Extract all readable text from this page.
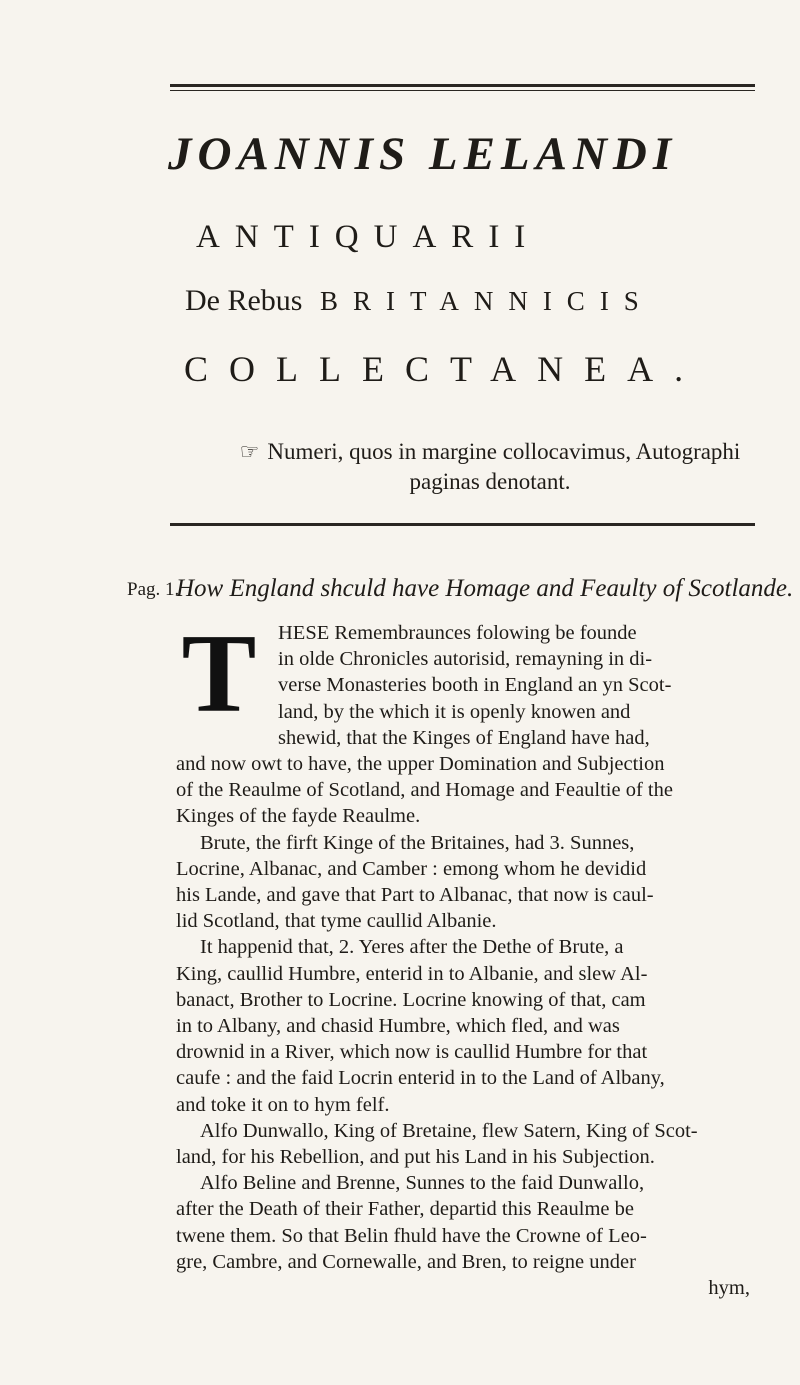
JOANNIS LELANDI
ANTIQUARII
De Rebus BRITANNICIS
COLLECTANEA.
☞ Numeri, quos in margine collocavimus, Autographi
paginas denotant.
Pag. 1.
How England shculd have Homage and Feaulty of Scotlande.
T	HESE Remembraunces folowing be founde
in olde Chronicles autorisid, remayning in di-
verse Monasteries booth in England an yn Scot-
land, by the which it is openly knowen and
shewid, that the Kinges of England have had,
and now owt to have, the upper Domination and Subjection
of the Reaulme of Scotland, and Homage and Feaultie of the
Kinges of the fayde Reaulme.
Brute, the firft Kinge of the Britaines, had 3. Sunnes,
Locrine, Albanac, and Camber : emong whom he devidid
his Lande, and gave that Part to Albanac, that now is caul-
lid Scotland, that tyme caullid Albanie.
It happenid that, 2. Yeres after the Dethe of Brute, a
King, caullid Humbre, enterid in to Albanie, and slew Al-
banact, Brother to Locrine. Locrine knowing of that, cam
in to Albany, and chasid Humbre, which fled, and was
drownid in a River, which now is caullid Humbre for that
caufe : and the faid Locrin enterid in to the Land of Albany,
and toke it on to hym felf.
Alfo Dunwallo, King of Bretaine, flew Satern, King of Scot-
land, for his Rebellion, and put his Land in his Subjection.
Alfo Beline and Brenne, Sunnes to the faid Dunwallo,
after the Death of their Father, departid this Reaulme be
twene them. So that Belin fhuld have the Crowne of Leo-
gre, Cambre, and Cornewalle, and Bren, to reigne under
hym,
